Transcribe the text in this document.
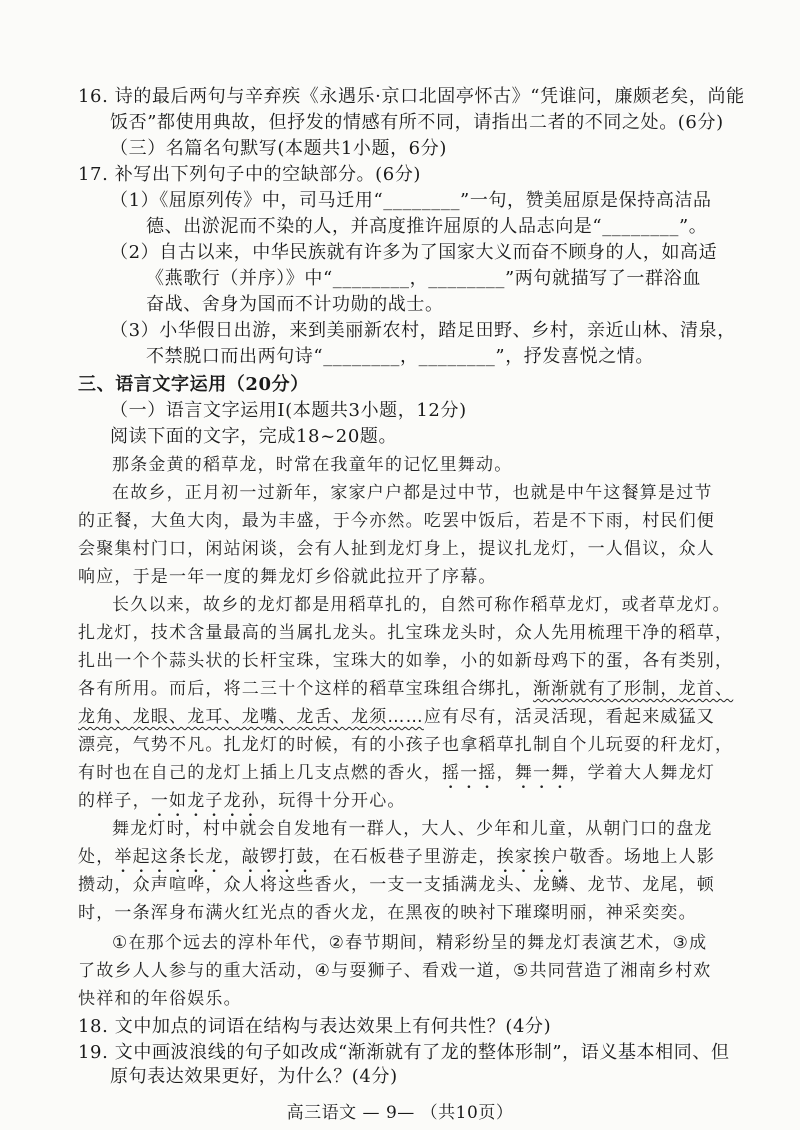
16. 诗的最后两句与辛弃疾《永遇乐·京口北固亭怀古》“凭谁问，廉颇老矣，尚能
饭否”都使用典故，但抒发的情感有所不同，请指出二者的不同之处。(6分)
（三）名篇名句默写(本题共1小题，6分)
17. 补写出下列句子中的空缺部分。(6分)
（1）《屈原列传》中，司马迁用“________”一句，赞美屈原是保持高洁品
德、出淤泥而不染的人，并高度推许屈原的人品志向是“________”。
（2）自古以来，中华民族就有许多为了国家大义而奋不顾身的人，如高适
《燕歌行（并序）》中“________，________”两句就描写了一群浴血
奋战、舍身为国而不计功勋的战士。
（3）小华假日出游，来到美丽新农村，踏足田野、乡村，亲近山林、清泉，
不禁脱口而出两句诗“________，________”，抒发喜悦之情。
三、语言文字运用（20分）
（一）语言文字运用Ⅰ(本题共3小题，12分)
阅读下面的文字，完成18~20题。
那条金黄的稻草龙，时常在我童年的记忆里舞动。
在故乡，正月初一过新年，家家户户都是过中节，也就是中午这餐算是过节
的正餐，大鱼大肉，最为丰盛，于今亦然。吃罢中饭后，若是不下雨，村民们便
会聚集村门口，闲站闲谈，会有人扯到龙灯身上，提议扎龙灯，一人倡议，众人
响应，于是一年一度的舞龙灯乡俗就此拉开了序幕。
长久以来，故乡的龙灯都是用稻草扎的，自然可称作稻草龙灯，或者草龙灯。
扎龙灯，技术含量最高的当属扎龙头。扎宝珠龙头时，众人先用梳理干净的稻草，
扎出一个个蒜头状的长杆宝珠，宝珠大的如拳，小的如新母鸡下的蛋，各有类别，
各有所用。而后，将二三十个这样的稻草宝珠组合绑扎，渐渐就有了形制，龙首、
龙角、龙眼、龙耳、龙嘴、龙舌、龙须……应有尽有，活灵活现，看起来威猛又
漂亮，气势不凡。扎龙灯的时候，有的小孩子也拿稻草扎制自个儿玩耍的秆龙灯，
有时也在自己的龙灯上插上几支点燃的香火，摇一摇，舞一舞，学着大人舞龙灯
的样子，一如龙子龙孙，玩得十分开心。
舞龙灯时，村中就会自发地有一群人，大人、少年和儿童，从朝门口的盘龙
处，举起这条长龙，敲锣打鼓，在石板巷子里游走，挨家挨户敬香。场地上人影
攒动，众声喧哗，众人将这些香火，一支一支插满龙头、龙鳞、龙节、龙尾，顿
时，一条浑身布满火红光点的香火龙，在黑夜的映衬下璀璨明丽，神采奕奕。
①在那个远去的淳朴年代，②春节期间，精彩纷呈的舞龙灯表演艺术，③成
了故乡人人参与的重大活动，④与耍狮子、看戏一道，⑤共同营造了湘南乡村欢
快祥和的年俗娱乐。
18. 文中加点的词语在结构与表达效果上有何共性？(4分)
19. 文中画波浪线的句子如改成“渐渐就有了龙的整体形制”，语义基本相同、但
高三语文 — 9— （共10页）
原句表达效果更好，为什么？(4分)
